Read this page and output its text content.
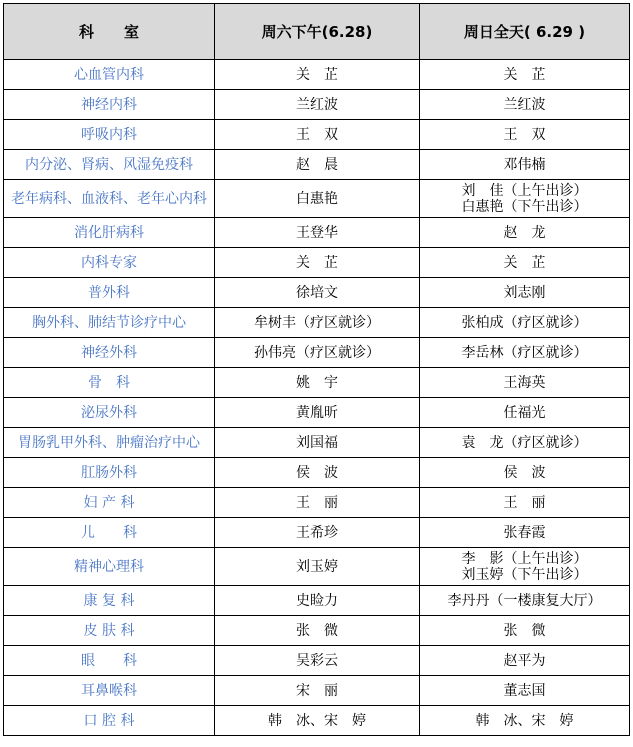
科　　室	周六下午(6.28)	周日全天( 6.29 )
心血管内科	关　芷	关　芷
神经内科	兰红波	兰红波
呼吸内科	王　双	王　双
内分泌、肾病、风湿免疫科	赵　晨	邓伟楠
老年病科、血液科、老年心内科	白惠艳	刘　佳（上午出诊）
白惠艳（下午出诊）

消化肝病科	王登华	赵　龙
内科专家	关　芷	关　芷
普外科	徐培文	刘志刚
胸外科、肺结节诊疗中心	牟树丰（疗区就诊）	张柏成（疗区就诊）
神经外科	孙伟亮（疗区就诊）	李岳林（疗区就诊）
骨　科	姚　宇	王海英
泌尿外科	黄胤昕	任福光
胃肠乳甲外科、肿瘤治疗中心	刘国福	袁　龙（疗区就诊）
肛肠外科	侯　波	侯　波
妇 产 科	王　丽	王　丽
儿　　科	王希珍	张春霞
精神心理科	刘玉婷	李　影（上午出诊）
刘玉婷（下午出诊）

康 复 科	史睑力	李丹丹（一楼康复大厅）
皮 肤 科	张　微	张　微
眼　　科	吴彩云	赵平为
耳鼻喉科	宋　丽	董志国
口 腔 科	韩　冰、宋　婷	韩　冰、宋　婷
